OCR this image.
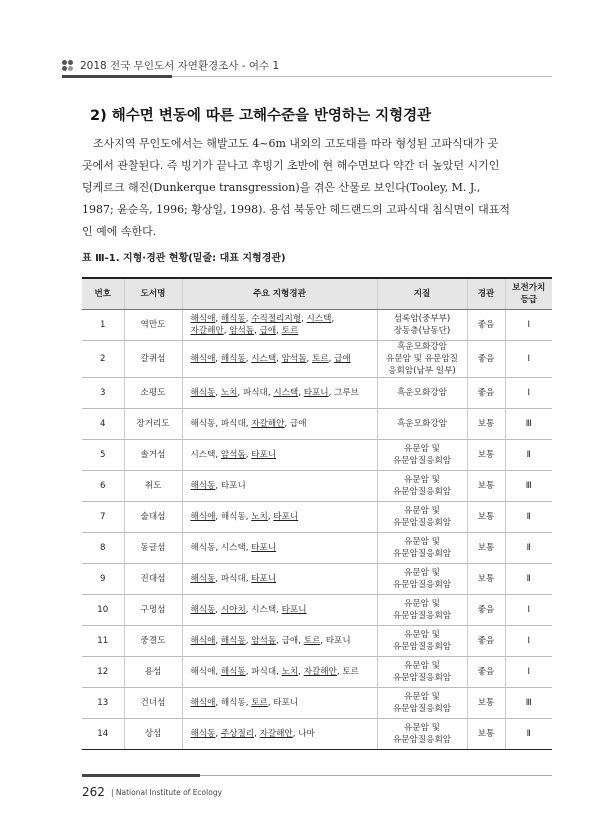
2018 전국 무인도서 자연환경조사 - 여수 1
2) 해수면 변동에 따른 고해수준을 반영하는 지형경관
조사지역 무인도에서는 해발고도 4~6m 내외의 고도대를 따라 형성된 고파식대가 곳
곳에서 관찰된다. 즉 빙기가 끝나고 후빙기 초반에 현 해수면보다 약간 더 높았던 시기인
덩케르크 해진(Dunkerque transgression)을 겪은 산물로 보인다(Tooley, M. J.,
1987; 윤순옥, 1996; 황상일, 1998). 용섬 북동안 헤드랜드의 고파식대 침식면이 대표적
인 예에 속한다.
표 Ⅲ-1. 지형·경관 현황(밑줄: 대표 지형경관)
번호	도서명	주요 지형경관	지질	경관	보전가치 등급
1	역만도	해식애, 해식동, 수직절리지형, 시스택,
자갈해안, 암석돔, 급애, 토르	섬록암(중부부)
장동층(남동단)	좋음	Ⅰ
2	갈퀴섬	해식애, 해식동, 시스택, 암석돔, 토르, 급애	흑운모화강암
유문암 및 유문암질
응회암(남부 일부)	좋음	Ⅰ
3	소평도	해식동, 노치, 파식대, 시스택, 타포니, 그루브	흑운모화강암	좋음	Ⅰ
4	장거리도	해식동, 파식대, 자갈해안, 급애	흑운모화강암	보통	Ⅲ
5	솔거섬	시스택, 암석돔, 타포니	유문암 및
유문암질응회암	보통	Ⅱ
6	취도	해식동, 타포니	유문암 및
유문암질응회암	보통	Ⅲ
7	술대섬	해식애, 해식동, 노치, 타포니	유문암 및
유문암질응회암	보통	Ⅱ
8	동글섬	해식동, 시스택, 타포니	유문암 및
유문암질응회암	보통	Ⅱ
9	진대섬	해식동, 파식대, 타포니	유문암 및
유문암질응회암	보통	Ⅱ
10	구멍섬	해식동, 시아치, 시스택, 타포니	유문암 및
유문암질응회암	좋음	Ⅰ
11	중결도	해식애, 해식동, 암석돔, 급애, 토르, 타포니	유문암 및
유문암질응회암	좋음	Ⅰ
12	용섬	해식애, 해식동, 파식대, 노치, 자갈해안, 토르	유문암 및
유문암질응회암	좋음	Ⅰ
13	건너섬	해식애, 해식동, 토르, 타포니	유문암 및
유문암질응회암	보통	Ⅲ
14	상섬	해식동, 주상절리, 자갈해안, 나마	유문암 및
유문암질응회암	보통	Ⅱ
262 | National Institute of Ecology
